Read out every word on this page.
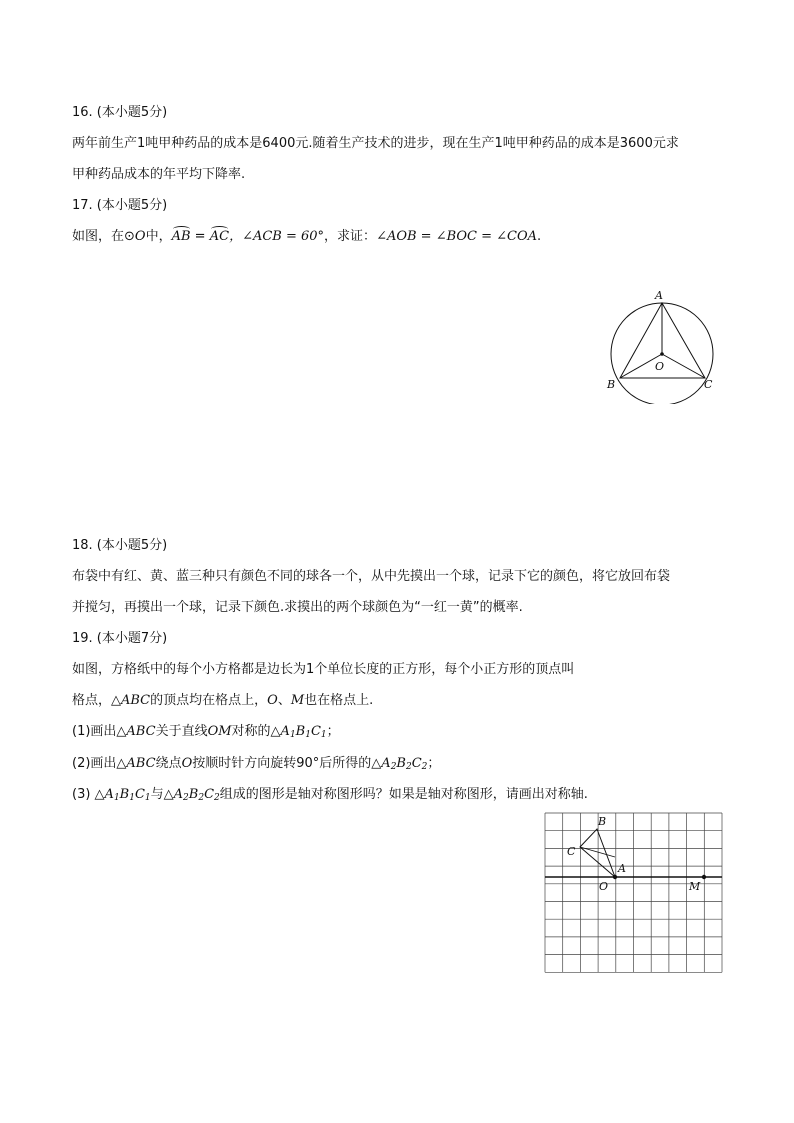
16. (本小题5分)
两年前生产1吨甲种药品的成本是6400元.随着生产技术的进步，现在生产1吨甲种药品的成本是3600元求
甲种药品成本的年平均下降率.
17. (本小题5分)
如图，在⊙O中，AB = AC，∠ACB = 60°，求证：∠AOB = ∠BOC = ∠COA.
A
O
B	C
18. (本小题5分)
布袋中有红、黄、蓝三种只有颜色不同的球各一个，从中先摸出一个球，记录下它的颜色，将它放回布袋
并搅匀，再摸出一个球，记录下颜色.求摸出的两个球颜色为“一红一黄”的概率.
19. (本小题7分)
如图，方格纸中的每个小方格都是边长为1个单位长度的正方形，每个小正方形的顶点叫
格点，△ABC的顶点均在格点上，O、M也在格点上.
(1)画出△ABC关于直线OM对称的$\triangle A_1B_1C_1$；
(2)画出△ABC绕点O按顺时针方向旋转90°后所得的$\triangle A_2B_2C_2$；
(3) $\triangle A_1B_1C_1$与$\triangle A_2B_2C_2$组成的图形是轴对称图形吗？如果是轴对称图形，请画出对称轴.
B
C
A
O	M
